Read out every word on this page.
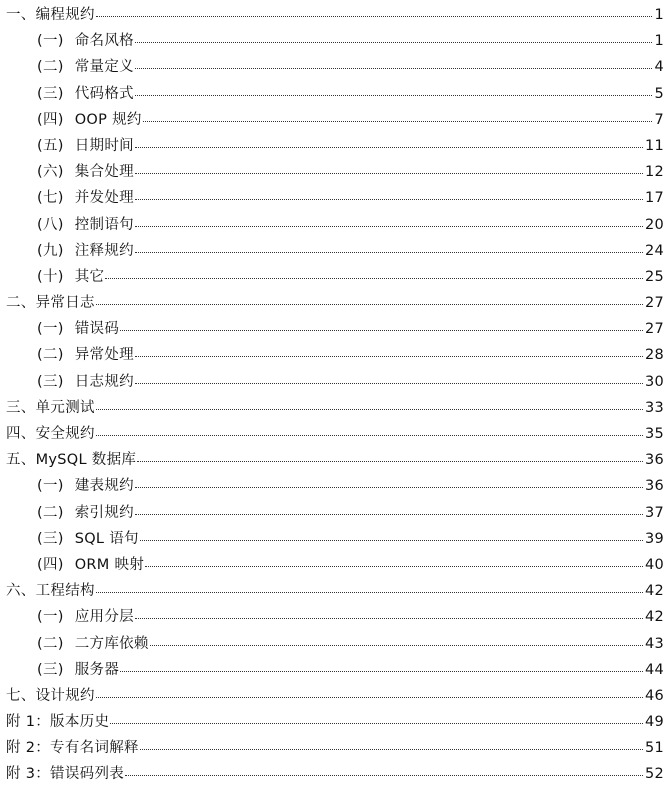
一、 编程规约	1
(一) 命名风格	1
(二) 常量定义	4
(三) 代码格式	5
(四) OOP 规约	7
(五) 日期时间	11
(六) 集合处理	12
(七) 并发处理	17
(八) 控制语句	20
(九) 注释规约	24
(十) 其它	25
二、 异常日志	27
(一) 错误码	27
(二) 异常处理	28
(三) 日志规约	30
三、 单元测试	33
四、 安全规约	35
五、 MySQL 数据库	36
(一) 建表规约	36
(二) 索引规约	37
(三) SQL 语句	39
(四) ORM 映射	40
六、 工程结构	42
(一) 应用分层	42
(二) 二方库依赖	43
(三) 服务器	44
七、 设计规约	46
附 1： 版本历史	49
附 2： 专有名词解释	51
附 3： 错误码列表	52
